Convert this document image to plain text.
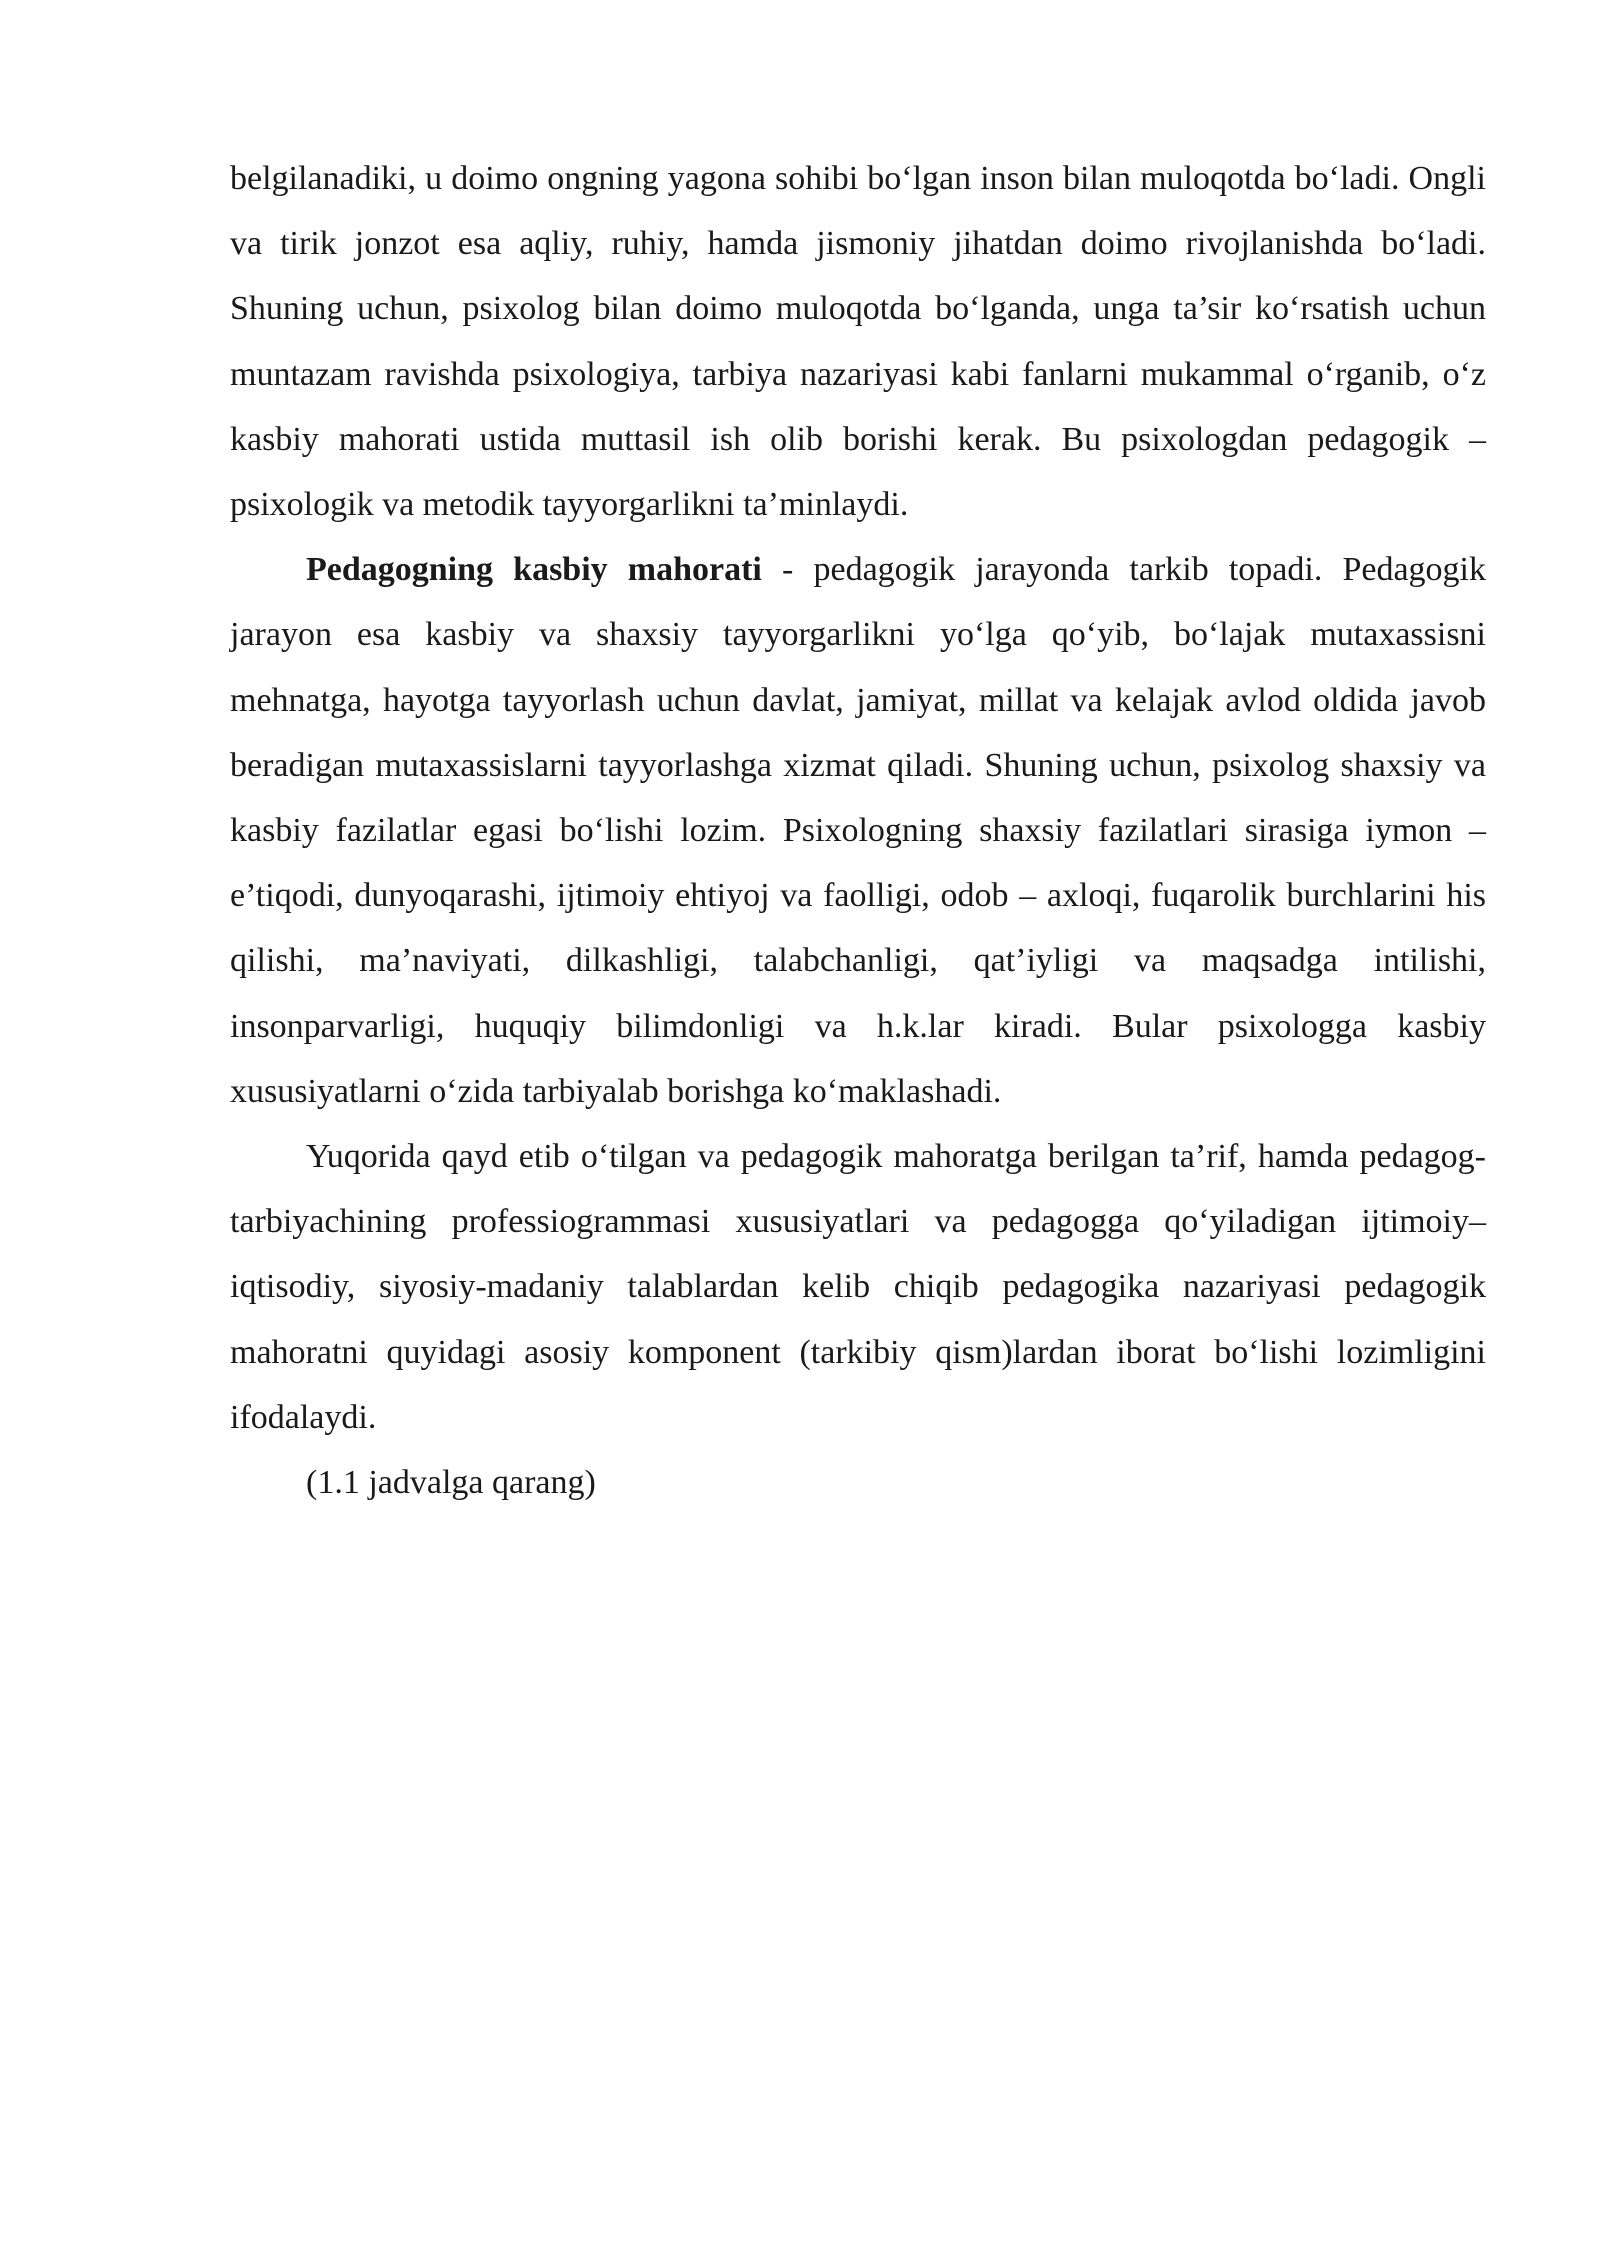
belgilanadiki, u doimo ongning yagona sohibi bo‘lgan inson bilan muloqotda bo‘ladi. Ongli va tirik jonzot esa aqliy, ruhiy, hamda jismoniy jihatdan doimo rivojlanishda bo‘ladi. Shuning uchun, psixolog bilan doimo muloqotda bo‘lganda, unga ta’sir ko‘rsatish uchun muntazam ravishda psixologiya, tarbiya nazariyasi kabi fanlarni mukammal o‘rganib, o‘z kasbiy mahorati ustida muttasil ish olib borishi kerak. Bu psixologdan pedagogik – psixologik va metodik tayyorgarlikni ta’minlaydi.

Pedagogning kasbiy mahorati - pedagogik jarayonda tarkib topadi. Pedagogik jarayon esa kasbiy va shaxsiy tayyorgarlikni yo‘lga qo‘yib, bo‘lajak mutaxassisni mehnatga, hayotga tayyorlash uchun davlat, jamiyat, millat va kelajak avlod oldida javob beradigan mutaxassislarni tayyorlashga xizmat qiladi. Shuning uchun, psixolog shaxsiy va kasbiy fazilatlar egasi bo‘lishi lozim. Psixologning shaxsiy fazilatlari sirasiga iymon – e’tiqodi, dunyoqarashi, ijtimoiy ehtiyoj va faolligi, odob – axloqi, fuqarolik burchlarini his qilishi, ma’naviyati, dilkashligi, talabchanligi, qat’iyligi va maqsadga intilishi, insonparvarligi, huquqiy bilimdonligi va h.k.lar kiradi. Bular psixologga kasbiy xususiyatlarni o‘zida tarbiyalab borishga ko‘maklashadi.

Yuqorida qayd etib o‘tilgan va pedagogik mahoratga berilgan ta’rif, hamda pedagog-tarbiyachining professiogrammasi xususiyatlari va pedagogga qo‘yiladigan ijtimoiy–iqtisodiy, siyosiy-madaniy talablardan kelib chiqib pedagogika nazariyasi pedagogik mahoratni quyidagi asosiy komponent (tarkibiy qism)lardan iborat bo‘lishi lozimligini ifodalaydi.

(1.1 jadvalga qarang)
